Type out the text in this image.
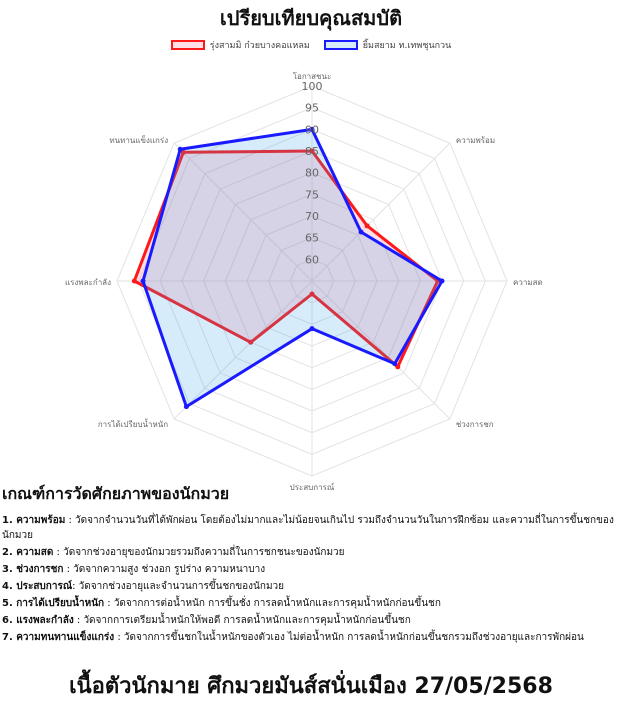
เปรียบเทียบคุณสมบัติ
รุ่งสามมิ ก๋วยบางคอแหลม	ยิ้มสยาม ท.เทพชุนกวน
60
65
70
75
80
85
90
95
100
โอกาสชนะ
ความพร้อม
ความสด
ช่วงการชก
ประสบการณ์
การได้เปรียบน้ำหนัก
แรงพละกำลัง
ทนทานแข็งแกร่ง
เกณฑ์การวัดศักยภาพของนักมวย
1. ความพร้อม : วัดจากจำนวนวันที่ได้พักผ่อน โดยต้องไม่มากและไม่น้อยจนเกินไป รวมถึงจำนวนวันในการฝึกซ้อม และความถี่ในการขึ้นชกของนักมวย
2. ความสด : วัดจากช่วงอายุของนักมวยรวมถึงความถี่ในการชกชนะของนักมวย
3. ช่วงการชก : วัดจากความสูง ช่วงอก รูปร่าง ความหนาบาง
4. ประสบการณ์: วัดจากช่วงอายุและจำนวนการขึ้นชกของนักมวย
5. การได้เปรียบน้ำหนัก : วัดจากการต่อน้ำหนัก การขึ้นชั่ง การลดน้ำหนักและการคุมน้ำหนักก่อนขึ้นชก
6. แรงพละกำลัง : วัดจากการเตรียมน้ำหนักให้พอดี การลดน้ำหนักและการคุมน้ำหนักก่อนขึ้นชก
7. ความทนทานแข็งแกร่ง : วัดจากการขึ้นชกในน้ำหนักของตัวเอง ไม่ต่อน้ำหนัก การลดน้ำหนักก่อนขึ้นชกรวมถึงช่วงอายุและการพักผ่อน
เนื้อตัวนักมาย ศึกมวยมันส์สนั่นเมือง 27/05/2568
